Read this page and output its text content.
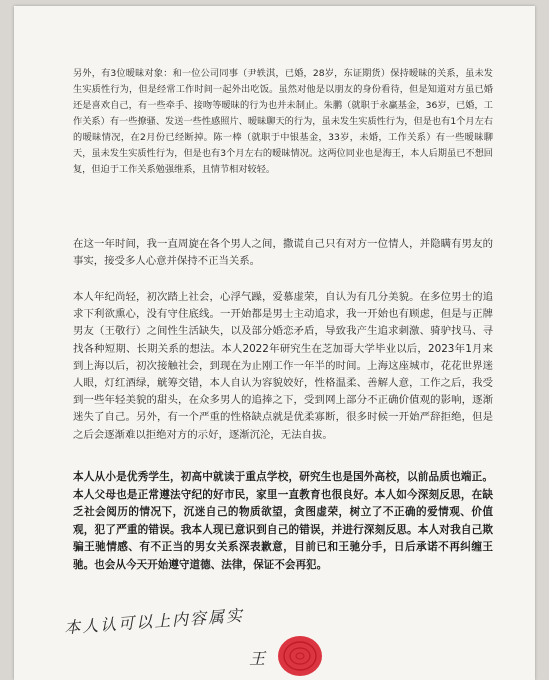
另外，有3位暧昧对象：和一位公司同事（尹轶淇，已婚，28岁，东证期货）保持暧昧的关系，虽未发生实质性行为，但是经常工作时间一起外出吃饭。虽然对他是以朋友的身份看待，但是知道对方虽已婚还是喜欢自己，有一些牵手、接吻等暧昧的行为也并未制止。朱鹏（就职于永赢基金，36岁，已婚，工作关系）有一些撩骚、发送一些性感照片、暧昧聊天的行为，虽未发生实质性行为，但是也有1个月左右的暧昧情况，在2月份已经断掉。陈一棒（就职于中银基金，33岁，未婚，工作关系）有一些暧昧聊天，虽未发生实质性行为，但是也有3个月左右的暧昧情况。这两位同业也是海王，本人后期虽已不想回复，但迫于工作关系勉强维系，且情节相对较轻。

在这一年时间，我一直周旋在各个男人之间，撒谎自己只有对方一位情人，并隐瞒有男友的事实，接受多人心意并保持不正当关系。

本人年纪尚轻，初次踏上社会，心浮气躁，爱慕虚荣，自认为有几分美貌。在多位男士的追求下利欲熏心，没有守住底线。一开始都是男士主动追求，我一开始也有顾虑，但是与正牌男友（王敬行）之间性生活缺失，以及部分婚恋矛盾，导致我产生追求刺激、骑驴找马、寻找各种短期、长期关系的想法。本人2022年研究生在芝加哥大学毕业以后，2023年1月来到上海以后，初次接触社会，到现在为止刚工作一年半的时间。上海这座城市，花花世界迷人眼，灯红酒绿，觥筹交错，本人自认为容貌姣好，性格温柔、善解人意，工作之后，我受到一些年轻美貌的甜头，在众多男人的追捧之下，受到网上部分不正确价值观的影响，逐渐迷失了自己。另外，有一个严重的性格缺点就是优柔寡断，很多时候一开始严辞拒绝，但是之后会逐渐难以拒绝对方的示好，逐渐沉沦，无法自拔。

本人从小是优秀学生，初高中就读于重点学校，研究生也是国外高校，以前品质也端正。本人父母也是正常遵法守纪的好市民，家里一直教育也很良好。本人如今深刻反思，在缺乏社会阅历的情况下，沉迷自己的物质欲望，贪图虚荣，树立了不正确的爱情观、价值观，犯了严重的错误。我本人现已意识到自己的错误，并进行深刻反思。本人对我自己欺骗王驰情感、有不正当的男女关系深表歉意，目前已和王驰分手，日后承诺不再纠缠王驰。也会从今天开始遵守道德、法律，保证不会再犯。

本人认可以上内容属实
王
